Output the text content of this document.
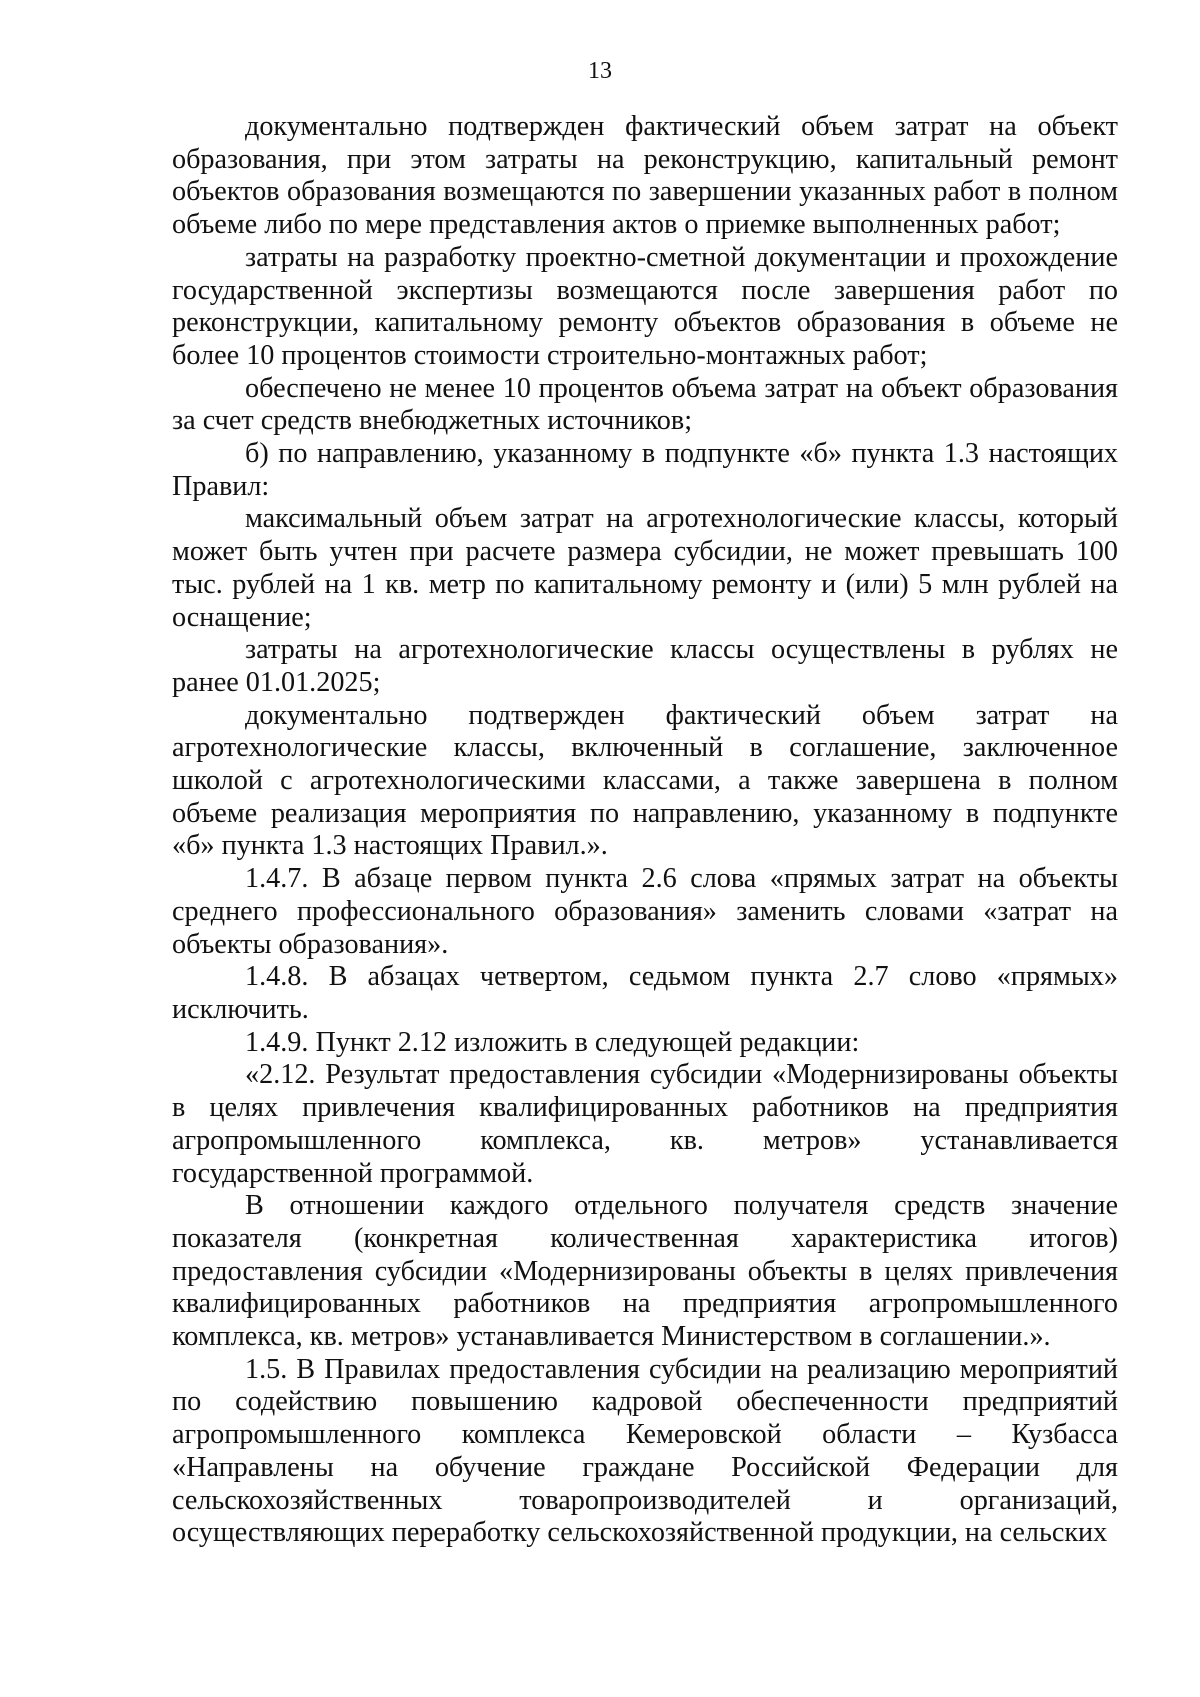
13

документально подтвержден фактический объем затрат на объект образования, при этом затраты на реконструкцию, капитальный ремонт объектов образования возмещаются по завершении указанных работ в полном объеме либо по мере представления актов о приемке выполненных работ;

затраты на разработку проектно-сметной документации и прохождение государственной экспертизы возмещаются после завершения работ по реконструкции, капитальному ремонту объектов образования в объеме не более 10 процентов стоимости строительно-монтажных работ;

обеспечено не менее 10 процентов объема затрат на объект образования за счет средств внебюджетных источников;

б) по направлению, указанному в подпункте «б» пункта 1.3 настоящих Правил:

максимальный объем затрат на агротехнологические классы, который может быть учтен при расчете размера субсидии, не может превышать 100 тыс. рублей на 1 кв. метр по капитальному ремонту и (или) 5 млн рублей на оснащение;

затраты на агротехнологические классы осуществлены в рублях не ранее 01.01.2025;

документально подтвержден фактический объем затрат на агротехнологические классы, включенный в соглашение, заключенное школой с агротехнологическими классами, а также завершена в полном объеме реализация мероприятия по направлению, указанному в подпункте «б» пункта 1.3 настоящих Правил.».

1.4.7. В абзаце первом пункта 2.6 слова «прямых затрат на объекты среднего профессионального образования» заменить словами «затрат на объекты образования».

1.4.8. В абзацах четвертом, седьмом пункта 2.7 слово «прямых» исключить.

1.4.9. Пункт 2.12 изложить в следующей редакции:

«2.12. Результат предоставления субсидии «Модернизированы объекты в целях привлечения квалифицированных работников на предприятия агропромышленного комплекса, кв. метров» устанавливается государственной программой.

В отношении каждого отдельного получателя средств значение показателя (конкретная количественная характеристика итогов) предоставления субсидии «Модернизированы объекты в целях привлечения квалифицированных работников на предприятия агропромышленного комплекса, кв. метров» устанавливается Министерством в соглашении.».

1.5. В Правилах предоставления субсидии на реализацию мероприятий по содействию повышению кадровой обеспеченности предприятий агропромышленного комплекса Кемеровской области – Кузбасса «Направлены на обучение граждане Российской Федерации для сельскохозяйственных товаропроизводителей и организаций, осуществляющих переработку сельскохозяйственной продукции, на сельских
